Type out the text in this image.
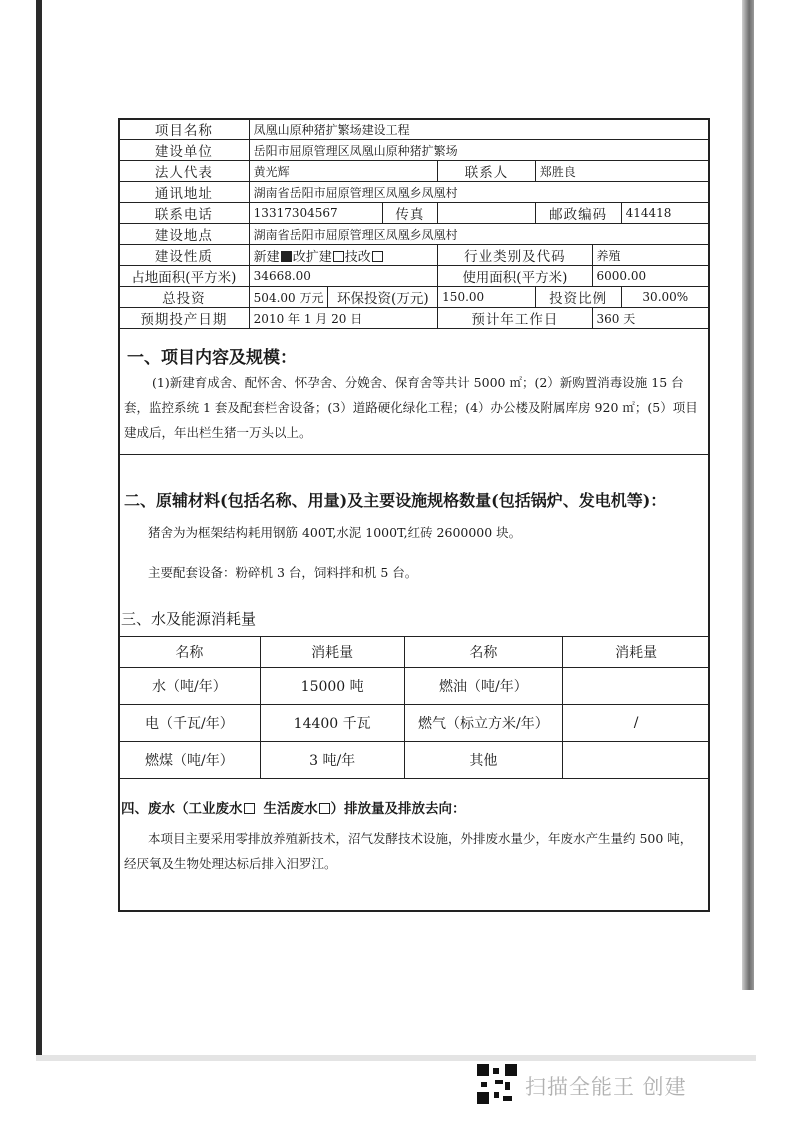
项目名称	凤凰山原种猪扩繁场建设工程						
建设单位	岳阳市屈原管理区凤凰山原种猪扩繁场						
法人代表	黄光辉			联系人	郑胜良		
通讯地址	湖南省岳阳市屈原管理区凤凰乡凤凰村						
联系电话	13317304567		传真		邮政编码		414418
建设地点	湖南省岳阳市屈原管理区凤凰乡凤凰村						
建设性质	新建 改扩建 技改			行业类别及代码		养殖	
占地面积(平方米)	34668.00			使用面积(平方米)		6000.00	
总投资	504.00 万元	环保投资(万元)		150.00	投资比例		30.00%
预期投产日期	2010 年 1 月 20 日			预计年工作日		360 天	
一、项目内容及规模：
(1)新建育成舍、配怀舍、怀孕舍、分娩舍、保育舍等共计 5000 ㎡；(2）新购置消毒设施 15 台套，监控系统 1 套及配套栏舍设备；(3）道路硬化绿化工程；(4）办公楼及附属库房 920 ㎡；(5）项目建成后，年出栏生猪一万头以上。
二、原辅材料(包括名称、用量)及主要设施规格数量(包括锅炉、发电机等)：
猪舍为为框架结构耗用钢筋 400T,水泥 1000T,红砖 2600000 块。
主要配套设备：粉碎机 3 台，饲料拌和机 5 台。
三、水及能源消耗量
名称	消耗量	名称	消耗量
水（吨/年）	15000 吨	燃油（吨/年）	
电（千瓦/年）	14400 千瓦	燃气（标立方米/年）	/
燃煤（吨/年）	3 吨/年	其他	
四、废水（工业废水 生活废水 ）排放量及排放去向：
本项目主要采用零排放养殖新技术，沼气发酵技术设施，外排废水量少，年废水产生量约 500 吨，经厌氧及生物处理达标后排入汨罗江。
扫描全能王 创建
